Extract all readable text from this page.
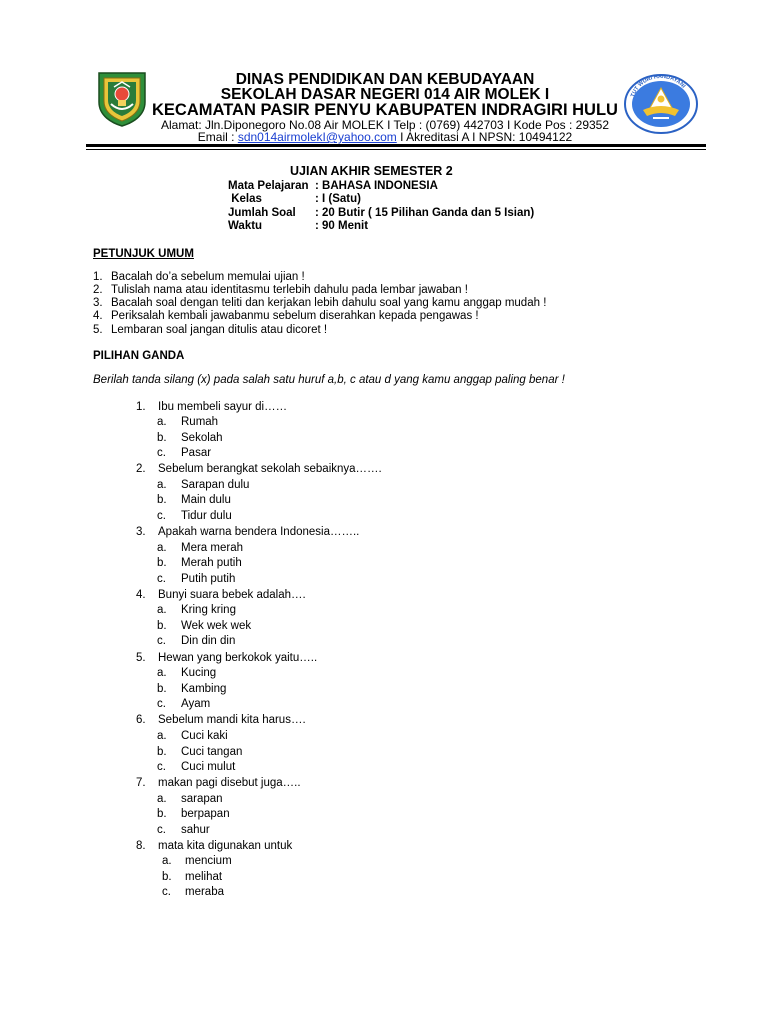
DINAS PENDIDIKAN DAN KEBUDAYAAN
SEKOLAH DASAR NEGERI 014 AIR MOLEK I
KECAMATAN PASIR PENYU KABUPATEN INDRAGIRI HULU
Alamat: Jln.Diponegoro No.08 Air MOLEK I Telp : (0769) 442703 I Kode Pos : 29352
Email : sdn014airmolekI@yahoo.com I Akreditasi A I NPSN: 10494122
TUT WURI HANDAYANI
UJIAN AKHIR SEMESTER 2
Mata Pelajaran : BAHASA INDONESIA
Kelas	: I (Satu)
Jumlah Soal : 20 Butir ( 15 Pilihan Ganda dan 5 Isian)
Waktu	: 90 Menit
PETUNJUK UMUM
1. Bacalah do’a sebelum memulai ujian !
2. Tulislah nama atau identitasmu terlebih dahulu pada lembar jawaban !
3. Bacalah soal dengan teliti dan kerjakan lebih dahulu soal yang kamu anggap mudah !
4. Periksalah kembali jawabanmu sebelum diserahkan kepada pengawas !
5. Lembaran soal jangan ditulis atau dicoret !
PILIHAN GANDA
Berilah tanda silang (x) pada salah satu huruf a,b, c atau d yang kamu anggap paling benar !
1. Ibu membeli sayur di……
a. Rumah
b. Sekolah
c. Pasar
2. Sebelum berangkat sekolah sebaiknya…….
a. Sarapan dulu
b. Main dulu
c. Tidur dulu
3. Apakah warna bendera Indonesia……..
a. Mera merah
b. Merah putih
c. Putih putih
4. Bunyi suara bebek adalah….
a. Kring kring
b. Wek wek wek
c. Din din din
5. Hewan yang berkokok yaitu…..
a. Kucing
b. Kambing
c. Ayam
6. Sebelum mandi kita harus….
a. Cuci kaki
b. Cuci tangan
c. Cuci mulut
7. makan pagi disebut juga…..
a. sarapan
b. berpapan
c. sahur
8. mata kita digunakan untuk
a. mencium
b. melihat
c. meraba
